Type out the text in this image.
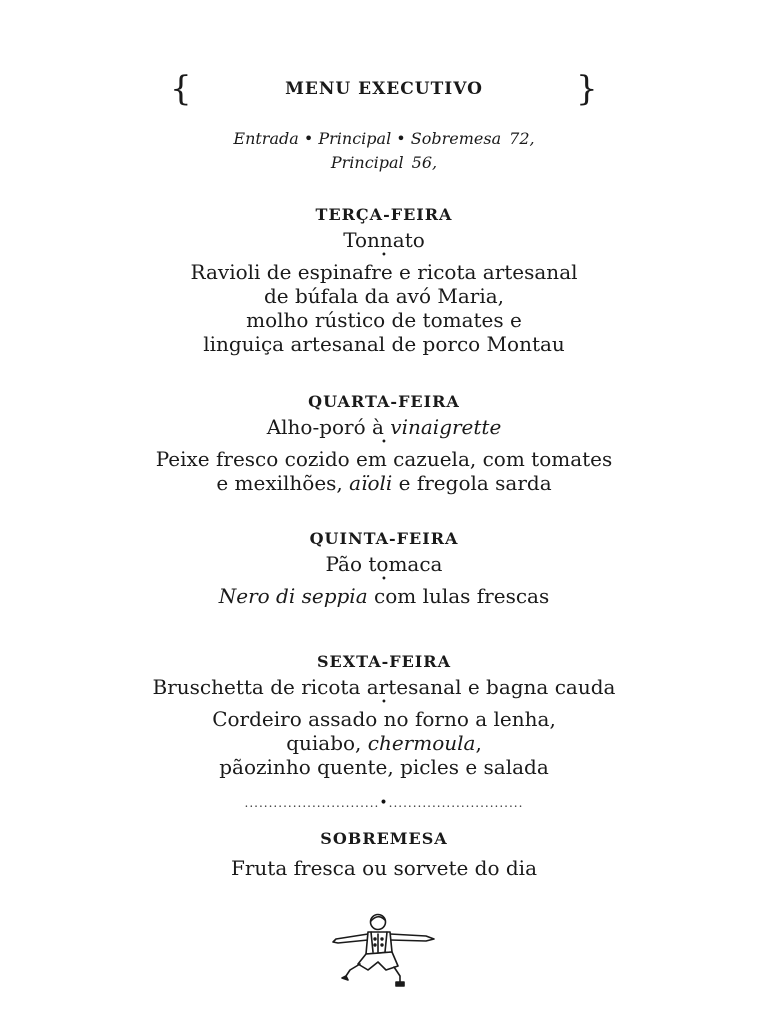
{	MENU EXECUTIVO	}
Entrada • Principal • Sobremesa 72,
Principal 56,
TERÇA-FEIRA
Tonnato
•
Ravioli de espinafre e ricota artesanal
de búfala da avó Maria,
molho rústico de tomates e
linguiça artesanal de porco Montau
QUARTA-FEIRA
Alho-poró à vinaigrette
•
Peixe fresco cozido em cazuela, com tomates
e mexilhões, aïoli e fregola sarda
QUINTA-FEIRA
Pão tomaca
•
Nero di seppia com lulas frescas
SEXTA-FEIRA
Bruschetta de ricota artesanal e bagna cauda
•
Cordeiro assado no forno a lenha,
quiabo, chermoula,
pãozinho quente, picles e salada
............................•............................
SOBREMESA
Fruta fresca ou sorvete do dia
